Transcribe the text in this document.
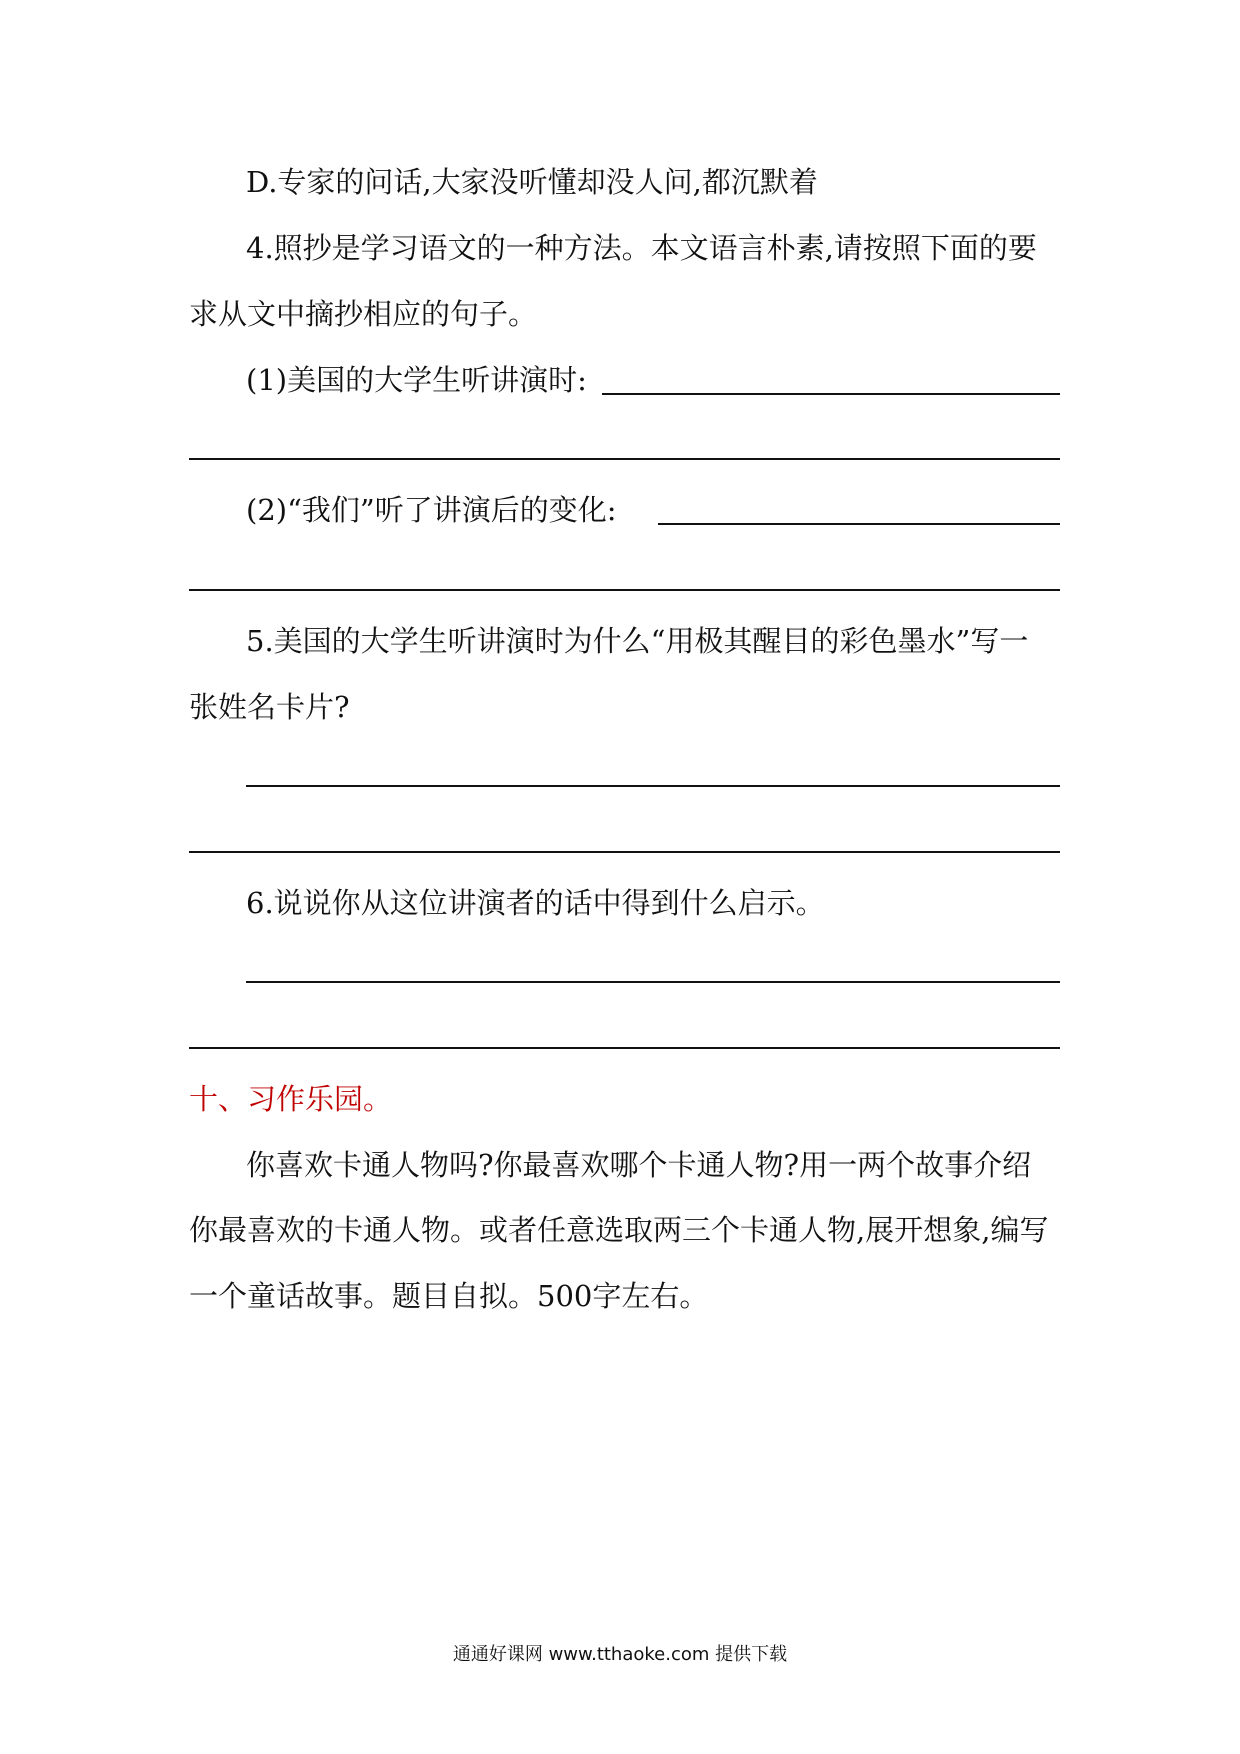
D.专家的问话,大家没听懂却没人问,都沉默着
4.照抄是学习语文的一种方法。本文语言朴素,请按照下面的要
求从文中摘抄相应的句子。
(1)美国的大学生听讲演时:
(2)“我们”听了讲演后的变化:
5.美国的大学生听讲演时为什么“用极其醒目的彩色墨水”写一
张姓名卡片?
6.说说你从这位讲演者的话中得到什么启示。
十、习作乐园。
你喜欢卡通人物吗?你最喜欢哪个卡通人物?用一两个故事介绍
你最喜欢的卡通人物。或者任意选取两三个卡通人物,展开想象,编写
一个童话故事。题目自拟。500字左右。
通通好课网 www.tthaoke.com 提供下载
